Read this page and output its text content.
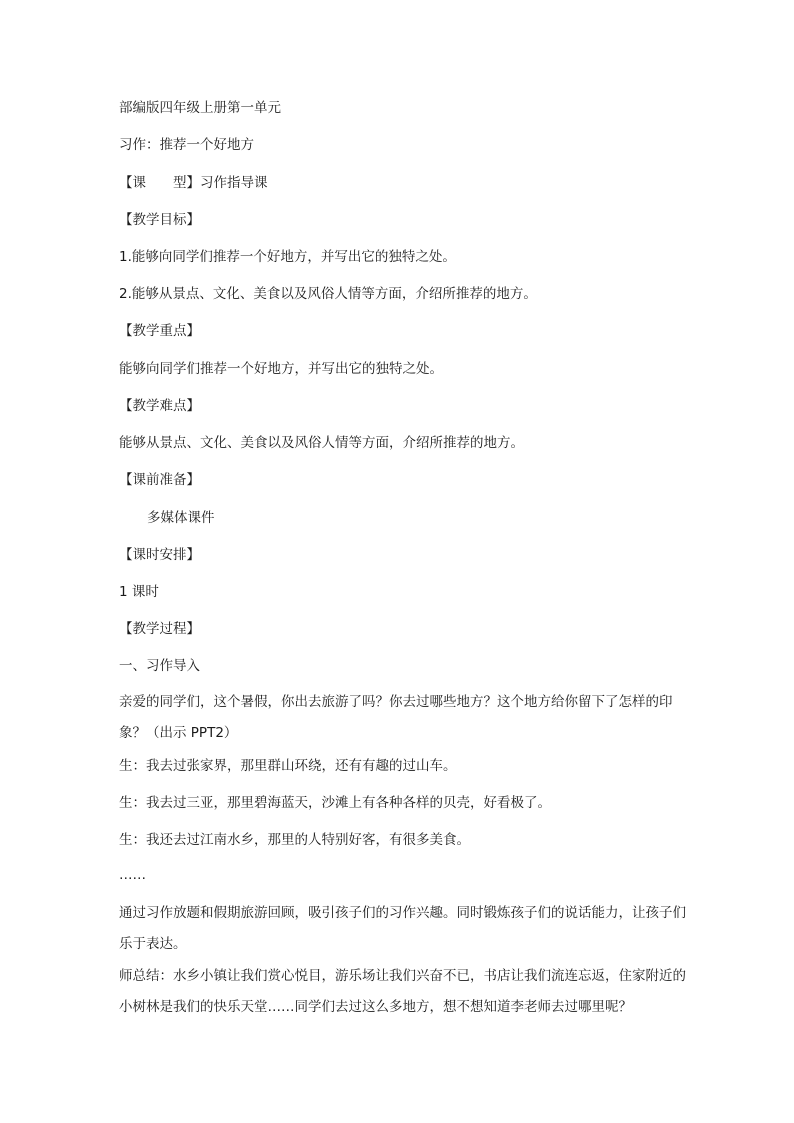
部编版四年级上册第一单元
习作：推荐一个好地方
【课　　型】习作指导课
【教学目标】
1.能够向同学们推荐一个好地方，并写出它的独特之处。
2.能够从景点、文化、美食以及风俗人情等方面，介绍所推荐的地方。
【教学重点】
能够向同学们推荐一个好地方，并写出它的独特之处。
【教学难点】
能够从景点、文化、美食以及风俗人情等方面，介绍所推荐的地方。
【课前准备】
多媒体课件
【课时安排】
1 课时
【教学过程】
一、习作导入
亲爱的同学们，这个暑假，你出去旅游了吗？你去过哪些地方？这个地方给你留下了怎样的印象？（出示 PPT2）
生：我去过张家界，那里群山环绕，还有有趣的过山车。
生：我去过三亚，那里碧海蓝天，沙滩上有各种各样的贝壳，好看极了。
生：我还去过江南水乡，那里的人特别好客，有很多美食。
……
通过习作放题和假期旅游回顾，吸引孩子们的习作兴趣。同时锻炼孩子们的说话能力，让孩子们乐于表达。
师总结：水乡小镇让我们赏心悦目，游乐场让我们兴奋不已，书店让我们流连忘返，住家附近的小树林是我们的快乐天堂……同学们去过这么多地方，想不想知道李老师去过哪里呢？
